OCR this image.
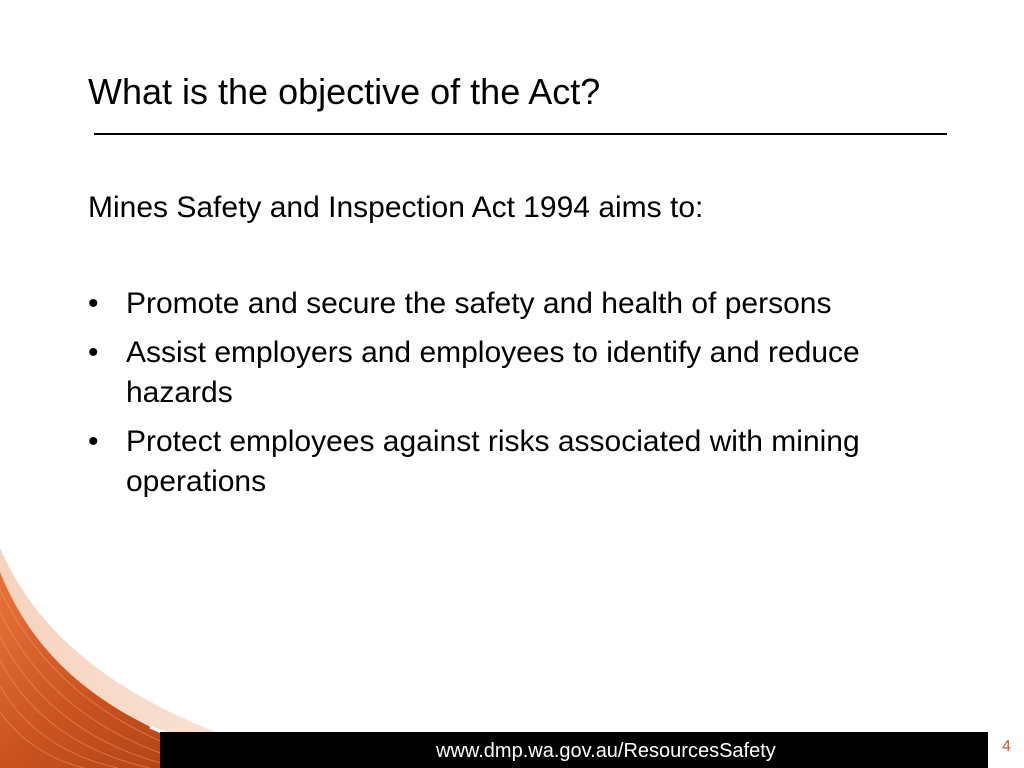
What is the objective of the Act?

Mines Safety and Inspection Act 1994 aims to:

• Promote and secure the safety and health of persons
• Assist employers and employees to identify and reduce hazards
• Protect employees against risks associated with mining operations
www.dmp.wa.gov.au/ResourcesSafety	4
